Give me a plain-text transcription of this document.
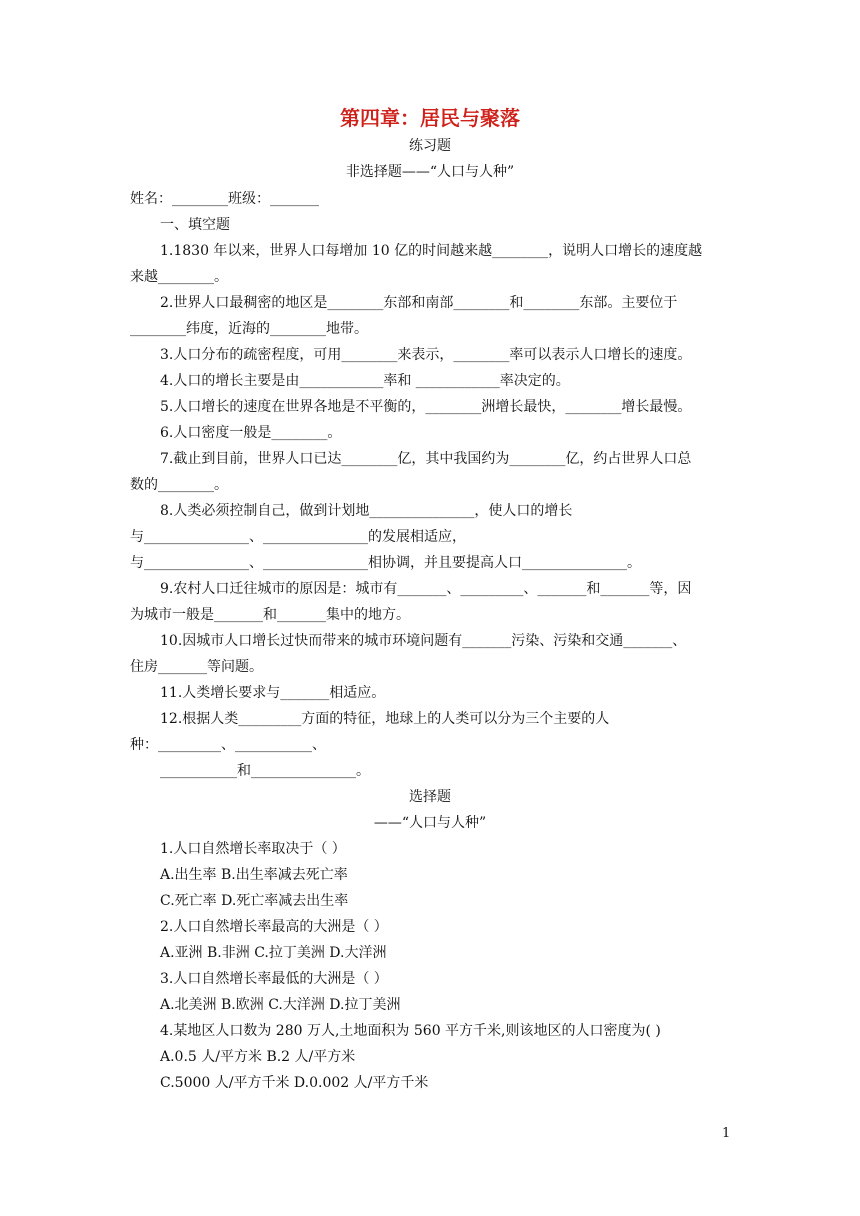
第四章：居民与聚落
练习题
非选择题——“人口与人种”
姓名：________班级：_______
一、填空题
1.1830 年以来，世界人口每增加 10 亿的时间越来越________，说明人口增长的速度越
来越________。
2.世界人口最稠密的地区是________东部和南部________和________东部。主要位于
________纬度，近海的________地带。
3.人口分布的疏密程度，可用________来表示，________率可以表示人口增长的速度。
4.人口的增长主要是由____________率和 ____________率决定的。
5.人口增长的速度在世界各地是不平衡的，________洲增长最快，________增长最慢。
6.人口密度一般是________。
7.截止到目前，世界人口已达________亿，其中我国约为________亿，约占世界人口总
数的________。
8.人类必须控制自己，做到计划地_______________，使人口的增长
与_______________、_______________的发展相适应，
与_______________、_______________相协调，并且要提高人口_______________。
9.农村人口迁往城市的原因是：城市有_______、_________、_______和_______等，因
为城市一般是_______和_______集中的地方。
10.因城市人口增长过快而带来的城市环境问题有_______污染、污染和交通_______、
住房_______等问题。
11.人类增长要求与_______相适应。
12.根据人类_________方面的特征，地球上的人类可以分为三个主要的人
种：_________、___________、
___________和_______________。
选择题
——“人口与人种”
1.人口自然增长率取决于（ ）
A.出生率 B.出生率减去死亡率
C.死亡率 D.死亡率减去出生率
2.人口自然增长率最高的大洲是（ ）
A.亚洲 B.非洲 C.拉丁美洲 D.大洋洲
3.人口自然增长率最低的大洲是（ ）
A.北美洲 B.欧洲 C.大洋洲 D.拉丁美洲
4.某地区人口数为 280 万人,土地面积为 560 平方千米,则该地区的人口密度为( )
A.0.5 人/平方米 B.2 人/平方米
C.5000 人/平方千米 D.0.002 人/平方千米
1
